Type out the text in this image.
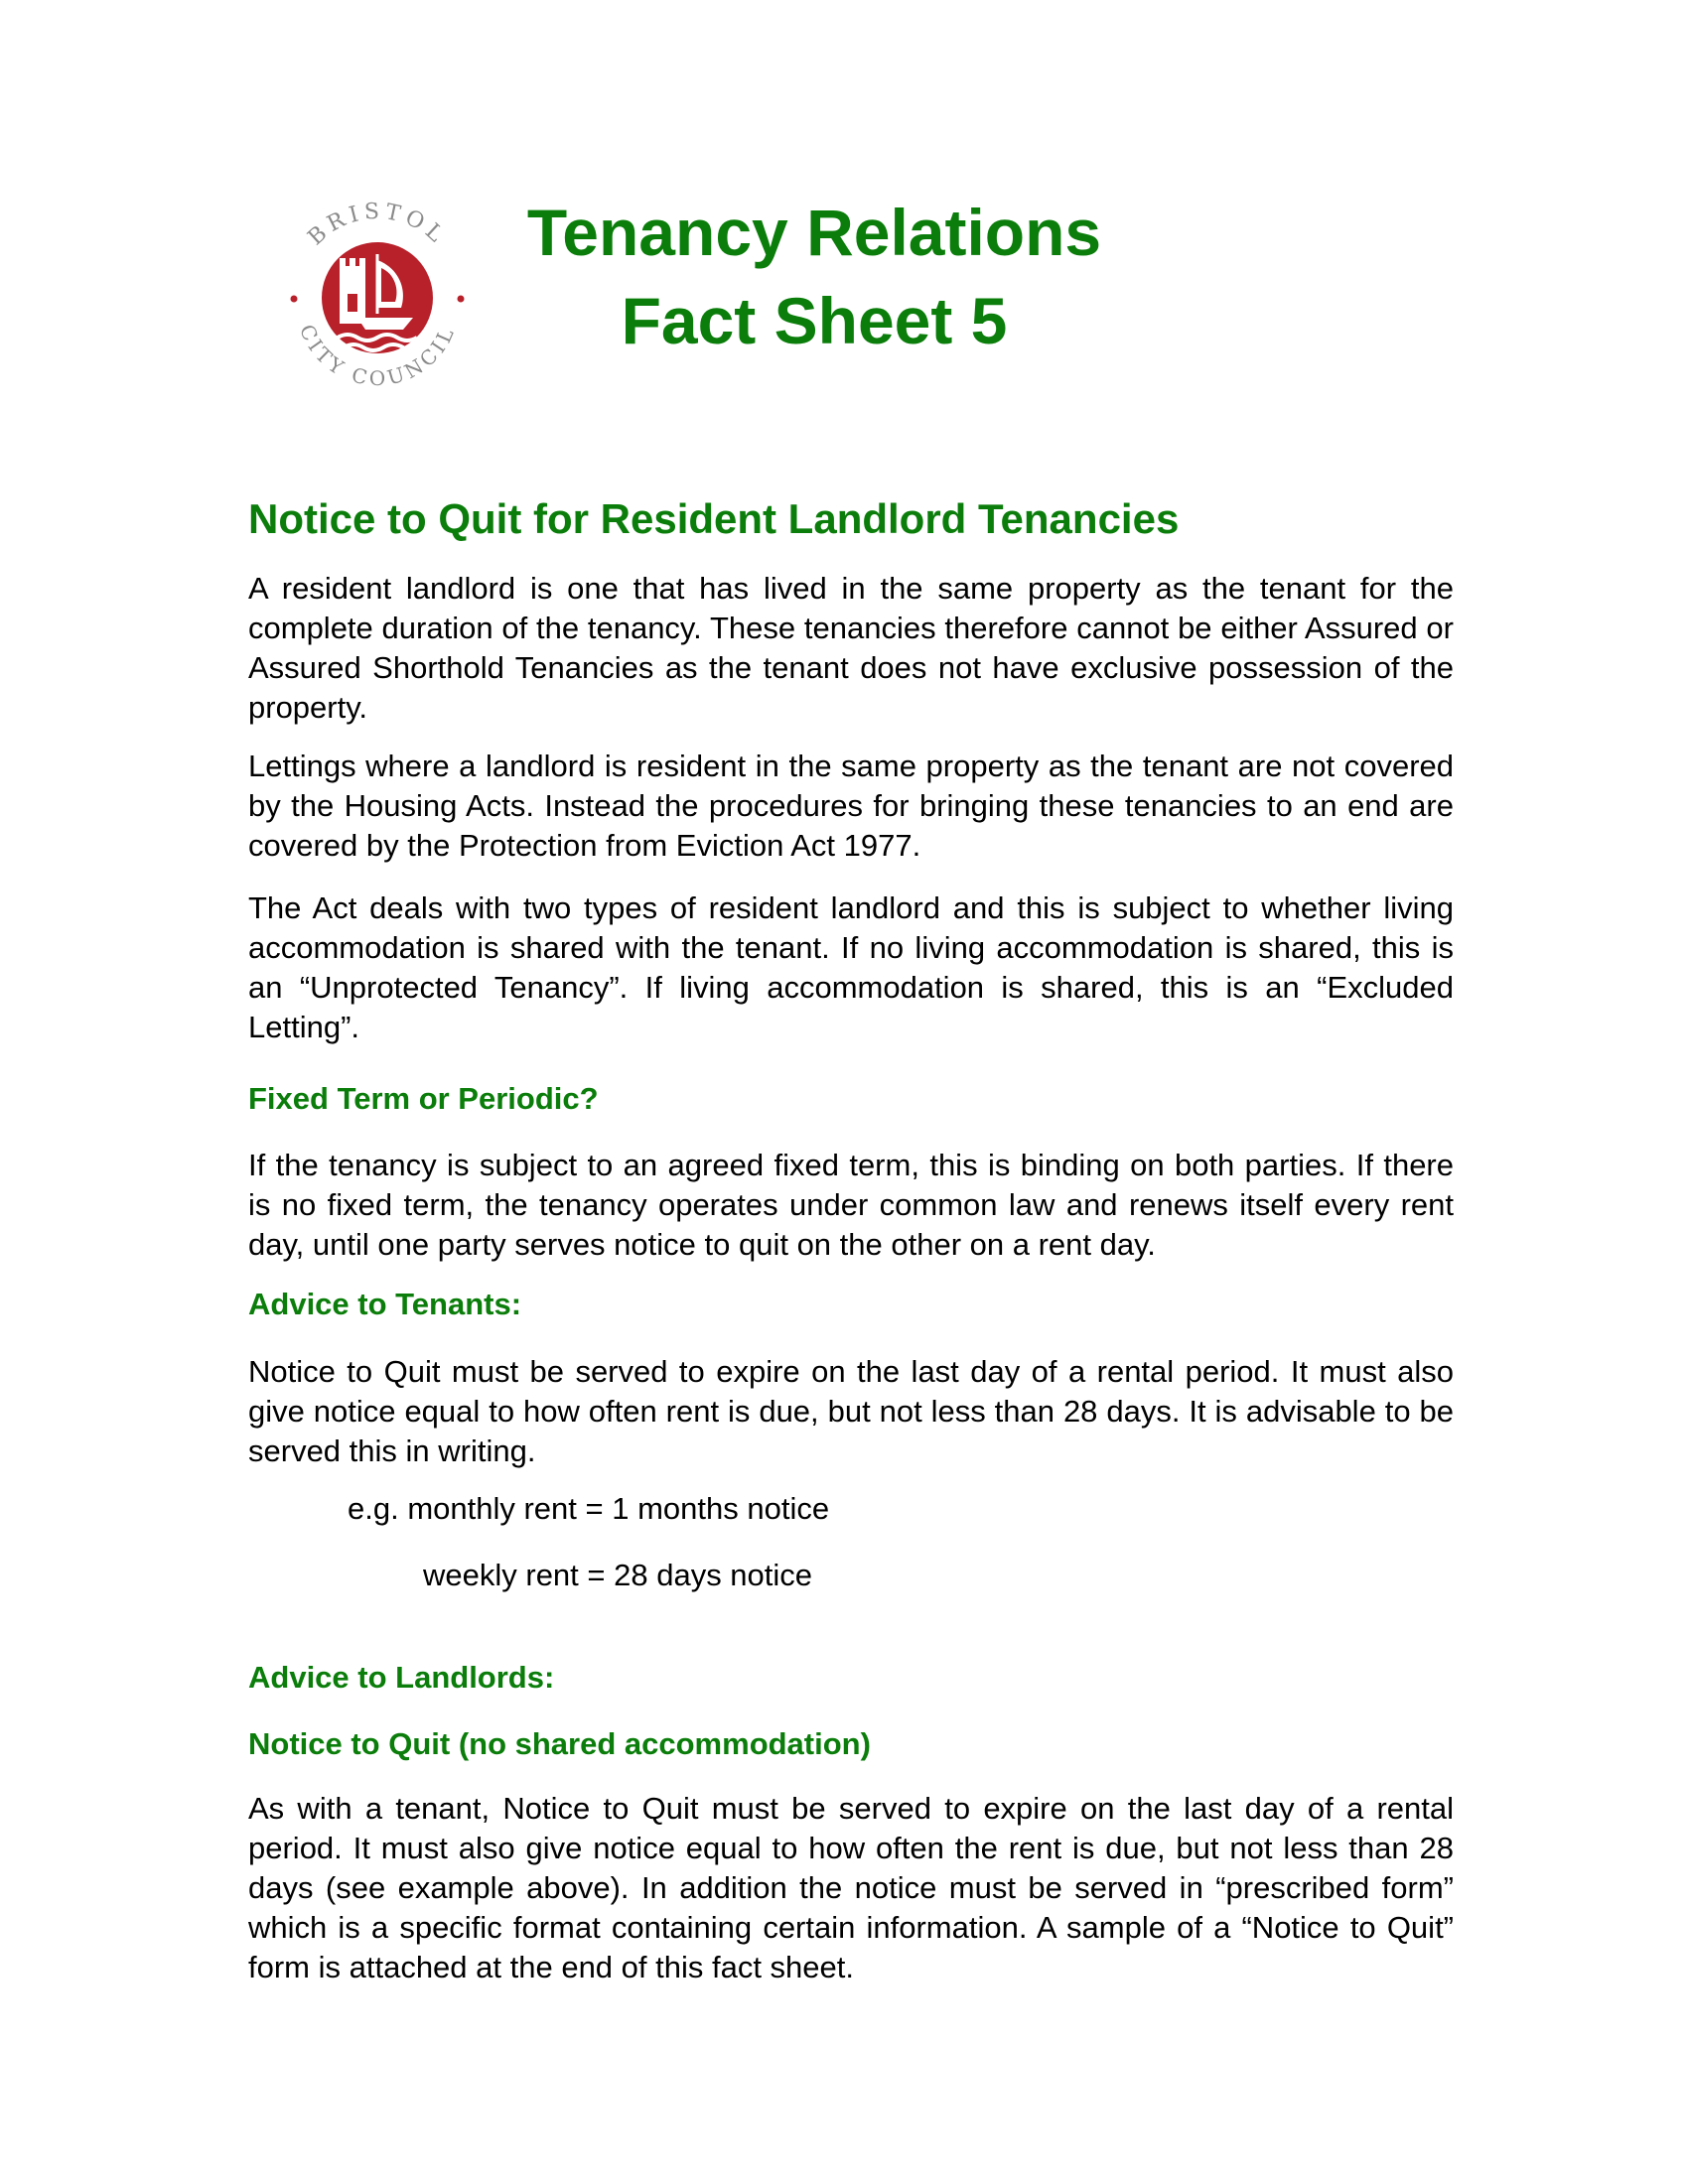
BRISTOL
CITY COUNCIL
Tenancy Relations
Fact Sheet 5
Notice to Quit for Resident Landlord Tenancies

A resident landlord is one that has lived in the same property as the tenant for the complete duration of the tenancy. These tenancies therefore cannot be either Assured or Assured Shorthold Tenancies as the tenant does not have exclusive possession of the property.

Lettings where a landlord is resident in the same property as the tenant are not covered by the Housing Acts. Instead the procedures for bringing these tenancies to an end are covered by the Protection from Eviction Act 1977.

The Act deals with two types of resident landlord and this is subject to whether living accommodation is shared with the tenant. If no living accommodation is shared, this is an “Unprotected Tenancy”. If living accommodation is shared, this is an “Excluded Letting”.

Fixed Term or Periodic?

If the tenancy is subject to an agreed fixed term, this is binding on both parties. If there is no fixed term, the tenancy operates under common law and renews itself every rent day, until one party serves notice to quit on the other on a rent day.

Advice to Tenants:

Notice to Quit must be served to expire on the last day of a rental period. It must also give notice equal to how often rent is due, but not less than 28 days. It is advisable to be served this in writing.

e.g. monthly rent = 1 months notice
weekly rent = 28 days notice
Advice to Landlords:
Notice to Quit (no shared accommodation)

As with a tenant, Notice to Quit must be served to expire on the last day of a rental period. It must also give notice equal to how often the rent is due, but not less than 28 days (see example above). In addition the notice must be served in “prescribed form” which is a specific format containing certain information. A sample of a “Notice to Quit” form is attached at the end of this fact sheet.
